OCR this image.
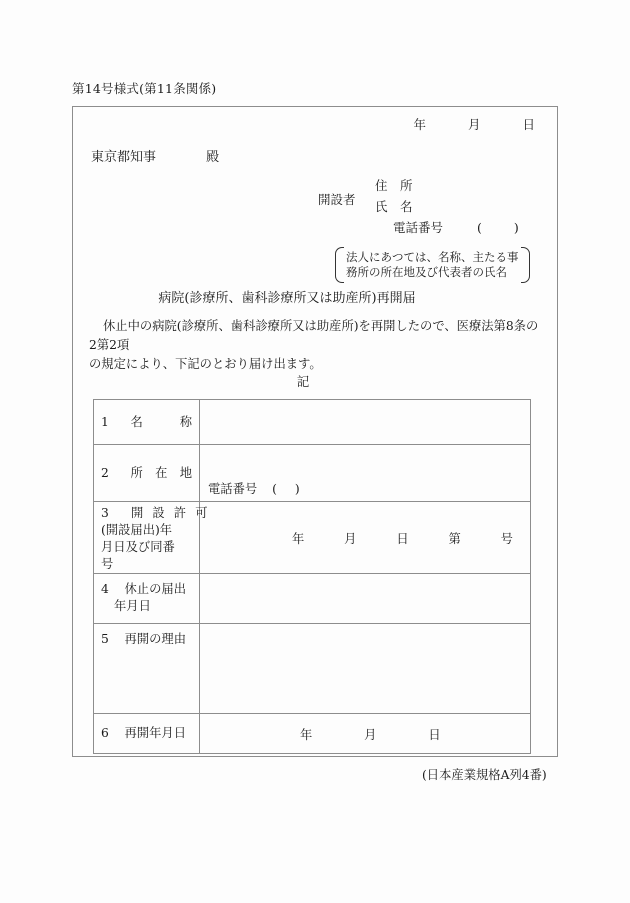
第14号様式(第11条関係)
年	月	日
東京都知事	殿
開設者
住　所
氏　名
電話番号	( )
法人にあつては、名称、主たる事
務所の所在地及び代表者の氏名
病院(診療所、歯科診療所又は助産所)再開届
休止中の病院(診療所、歯科診療所又は助産所)を再開したので、医療法第8条の2第2項
の規定により、下記のとおり届け出ます。
記
1 名　　　称	

2 所　在　地	電話番号 ( )

3 開 設 許 可
(開設届出)年
月日及び同番
号	年 月 日 第 号

4 休止の届出
年月日	

5 再開の理由	

6 再開年月日	年 月 日
(日本産業規格A列4番)
